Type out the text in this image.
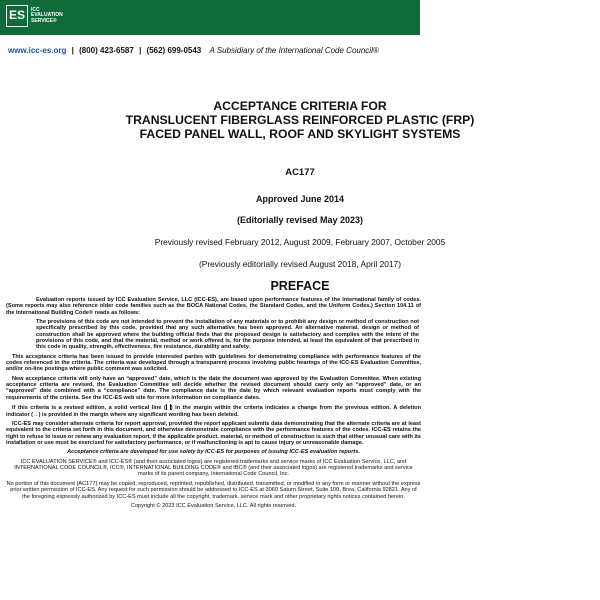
ES	ICC
EVALUATION
SERVICE®
www.icc-es.org | (800) 423-6587 | (562) 699-0543 A Subsidiary of the International Code Council®
ACCEPTANCE CRITERIA FOR
TRANSLUCENT FIBERGLASS REINFORCED PLASTIC (FRP)
FACED PANEL WALL, ROOF AND SKYLIGHT SYSTEMS
AC177
Approved June 2014
(Editorially revised May 2023)
Previously revised February 2012, August 2009, February 2007, October 2005
(Previously editorially revised August 2018, April 2017)
PREFACE

Evaluation reports issued by ICC Evaluation Service, LLC (ICC-ES), are based upon performance features of the International family of codes. (Some reports may also reference older code families such as the BOCA National Codes, the Standard Codes, and the Uniform Codes.) Section 104.11 of the International Building Code® reads as follows:

The provisions of this code are not intended to prevent the installation of any materials or to prohibit any design or method of construction not specifically prescribed by this code, provided that any such alternative has been approved. An alternative material, design or method of construction shall be approved where the building official finds that the proposed design is satisfactory and complies with the intent of the provisions of this code, and that the material, method or work offered is, for the purpose intended, at least the equivalent of that prescribed in this code in quality, strength, effectiveness, fire resistance, durability and safety.

This acceptance criteria has been issued to provide interested parties with guidelines for demonstrating compliance with performance features of the codes referenced in the criteria. The criteria was developed through a transparent process involving public hearings of the ICC-ES Evaluation Committee, and/or on-line postings where public comment was solicited.

New acceptance criteria will only have an “approved” date, which is the date the document was approved by the Evaluation Committee. When existing acceptance criteria are revised, the Evaluation Committee will decide whether the revised document should carry only an “approved” date, or an “approved” date combined with a “compliance” date. The compliance date is the date by which relevant evaluation reports must comply with the requirements of the criteria. See the ICC-ES web site for more information on compliance dates.

If this criteria is a revised edition, a solid vertical line ( ) in the margin within the criteria indicates a change from the previous edition. A deletion indicator (→) is provided in the margin where any significant wording has been deleted.

ICC-ES may consider alternate criteria for report approval, provided the report applicant submits data demonstrating that the alternate criteria are at least equivalent to the criteria set forth in this document, and otherwise demonstrate compliance with the performance features of the codes. ICC-ES retains the right to refuse to issue or renew any evaluation report, if the applicable product, material, or method of construction is such that either unusual care with its installation or use must be exercised for satisfactory performance, or if malfunctioning is apt to cause injury or unreasonable damage.

Acceptance criteria are developed for use solely by ICC-ES for purposes of issuing ICC-ES evaluation reports.

ICC EVALUATION SERVICE® and ICC-ES® (and their associated logos) are registered trademarks and service marks of ICC Evaluation Service, LLC, and INTERNATIONAL CODE COUNCIL®, ICC®, INTERNATIONAL BUILDING CODE® and IBC® (and their associated logos) are registered trademarks and service marks of its parent company, International Code Council, Inc.

No portion of this document (AC177) may be copied, reproduced, reprinted, republished, distributed, transmitted, or modified in any form or manner without the express prior written permission of ICC-ES. Any request for such permission should be addressed to ICC-ES at 3060 Saturn Street, Suite 100, Brea, California 92821. Any of the foregoing expressly authorized by ICC-ES must include all the copyright, trademark, service mark and other proprietary rights notices contained herein.

Copyright © 2023 ICC Evaluation Service, LLC. All rights reserved.
